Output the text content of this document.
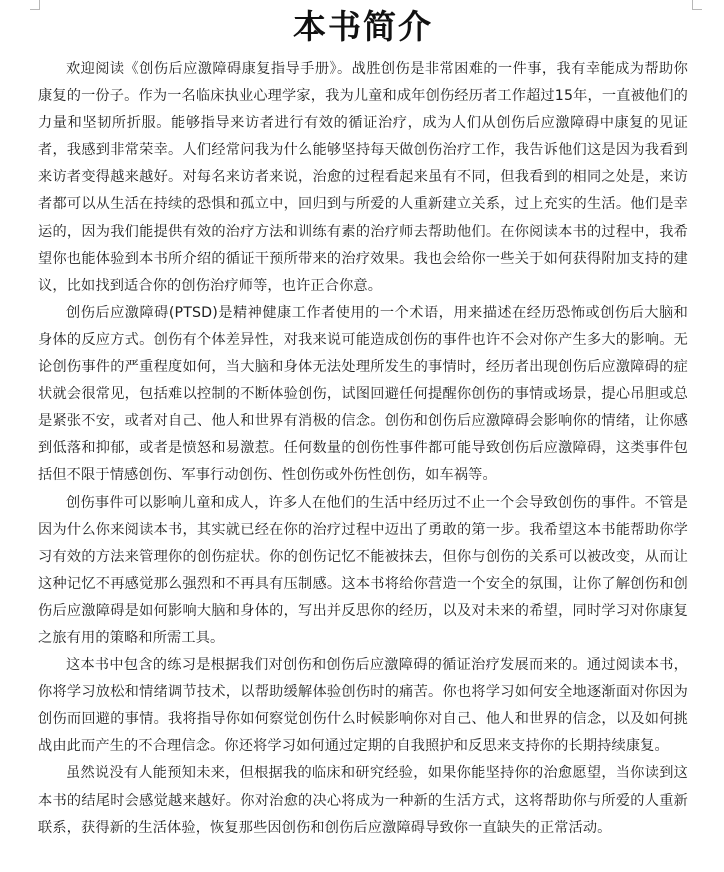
本书简介

欢迎阅读《创伤后应激障碍康复指导手册》。战胜创伤是非常困难的一件事，我有幸能成为帮助你康复的一份子。作为一名临床执业心理学家，我为儿童和成年创伤经历者工作超过15年，一直被他们的力量和坚韧所折服。能够指导来访者进行有效的循证治疗，成为人们从创伤后应激障碍中康复的见证者，我感到非常荣幸。人们经常问我为什么能够坚持每天做创伤治疗工作，我告诉他们这是因为我看到来访者变得越来越好。对每名来访者来说，治愈的过程看起来虽有不同，但我看到的相同之处是，来访者都可以从生活在持续的恐惧和孤立中，回归到与所爱的人重新建立关系，过上充实的生活。他们是幸运的，因为我们能提供有效的治疗方法和训练有素的治疗师去帮助他们。在你阅读本书的过程中，我希望你也能体验到本书所介绍的循证干预所带来的治疗效果。我也会给你一些关于如何获得附加支持的建议，比如找到适合你的创伤治疗师等，也许正合你意。

创伤后应激障碍(PTSD)是精神健康工作者使用的一个术语，用来描述在经历恐怖或创伤后大脑和身体的反应方式。创伤有个体差异性，对我来说可能造成创伤的事件也许不会对你产生多大的影响。无论创伤事件的严重程度如何，当大脑和身体无法处理所发生的事情时，经历者出现创伤后应激障碍的症状就会很常见，包括难以控制的不断体验创伤，试图回避任何提醒你创伤的事情或场景，提心吊胆或总是紧张不安，或者对自己、他人和世界有消极的信念。创伤和创伤后应激障碍会影响你的情绪，让你感到低落和抑郁，或者是愤怒和易激惹。任何数量的创伤性事件都可能导致创伤后应激障碍，这类事件包括但不限于情感创伤、军事行动创伤、性创伤或外伤性创伤，如车祸等。

创伤事件可以影响儿童和成人，许多人在他们的生活中经历过不止一个会导致创伤的事件。不管是因为什么你来阅读本书，其实就已经在你的治疗过程中迈出了勇敢的第一步。我希望这本书能帮助你学习有效的方法来管理你的创伤症状。你的创伤记忆不能被抹去，但你与创伤的关系可以被改变，从而让这种记忆不再感觉那么强烈和不再具有压制感。这本书将给你营造一个安全的氛围，让你了解创伤和创伤后应激障碍是如何影响大脑和身体的，写出并反思你的经历，以及对未来的希望，同时学习对你康复之旅有用的策略和所需工具。

这本书中包含的练习是根据我们对创伤和创伤后应激障碍的循证治疗发展而来的。通过阅读本书，你将学习放松和情绪调节技术，以帮助缓解体验创伤时的痛苦。你也将学习如何安全地逐渐面对你因为创伤而回避的事情。我将指导你如何察觉创伤什么时候影响你对自己、他人和世界的信念，以及如何挑战由此而产生的不合理信念。你还将学习如何通过定期的自我照护和反思来支持你的长期持续康复。

虽然说没有人能预知未来，但根据我的临床和研究经验，如果你能坚持你的治愈愿望，当你读到这本书的结尾时会感觉越来越好。你对治愈的决心将成为一种新的生活方式，这将帮助你与所爱的人重新联系，获得新的生活体验，恢复那些因创伤和创伤后应激障碍导致你一直缺失的正常活动。
